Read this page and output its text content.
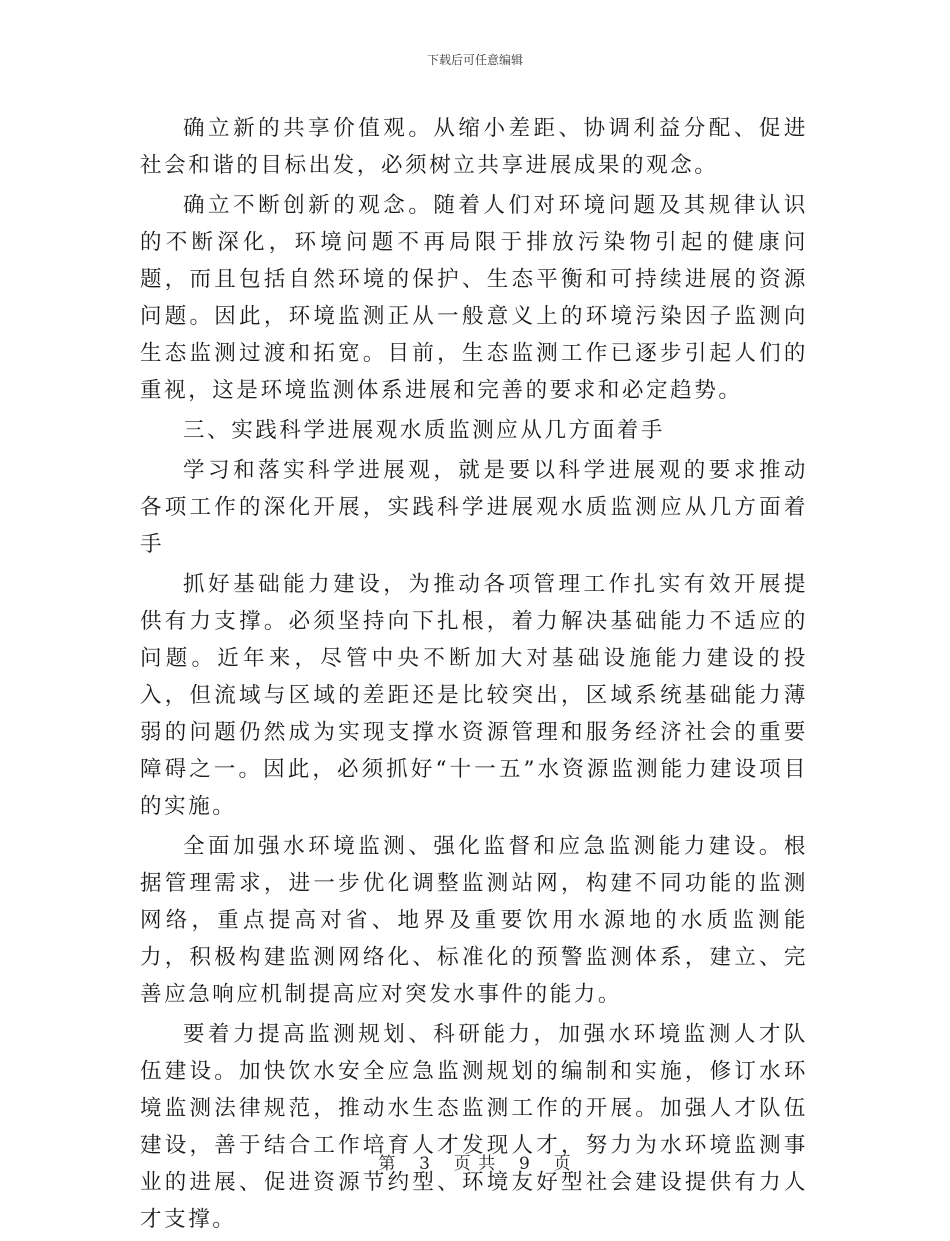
下载后可任意编辑

确立新的共享价值观。从缩小差距、协调利益分配、促进社会和谐的目标出发，必须树立共享进展成果的观念。

确立不断创新的观念。随着人们对环境问题及其规律认识的不断深化，环境问题不再局限于排放污染物引起的健康问题，而且包括自然环境的保护、生态平衡和可持续进展的资源问题。因此，环境监测正从一般意义上的环境污染因子监测向生态监测过渡和拓宽。目前，生态监测工作已逐步引起人们的重视，这是环境监测体系进展和完善的要求和必定趋势。

三、实践科学进展观水质监测应从几方面着手

学习和落实科学进展观，就是要以科学进展观的要求推动各项工作的深化开展，实践科学进展观水质监测应从几方面着手

抓好基础能力建设，为推动各项管理工作扎实有效开展提供有力支撑。必须坚持向下扎根，着力解决基础能力不适应的问题。近年来，尽管中央不断加大对基础设施能力建设的投入，但流域与区域的差距还是比较突出，区域系统基础能力薄弱的问题仍然成为实现支撑水资源管理和服务经济社会的重要障碍之一。因此，必须抓好“十一五”水资源监测能力建设项目的实施。

全面加强水环境监测、强化监督和应急监测能力建设。根据管理需求，进一步优化调整监测站网，构建不同功能的监测网络，重点提高对省、地界及重要饮用水源地的水质监测能力，积极构建监测网络化、标准化的预警监测体系，建立、完善应急响应机制提高应对突发水事件的能力。

要着力提高监测规划、科研能力，加强水环境监测人才队伍建设。加快饮水安全应急监测规划的编制和实施，修订水环境监测法律规范，推动水生态监测工作的开展。加强人才队伍建设，善于结合工作培育人才发现人才，努力为水环境监测事业的进展、促进资源节约型、环境友好型社会建设提供有力人才支撑。

第 3 页 共 9 页
